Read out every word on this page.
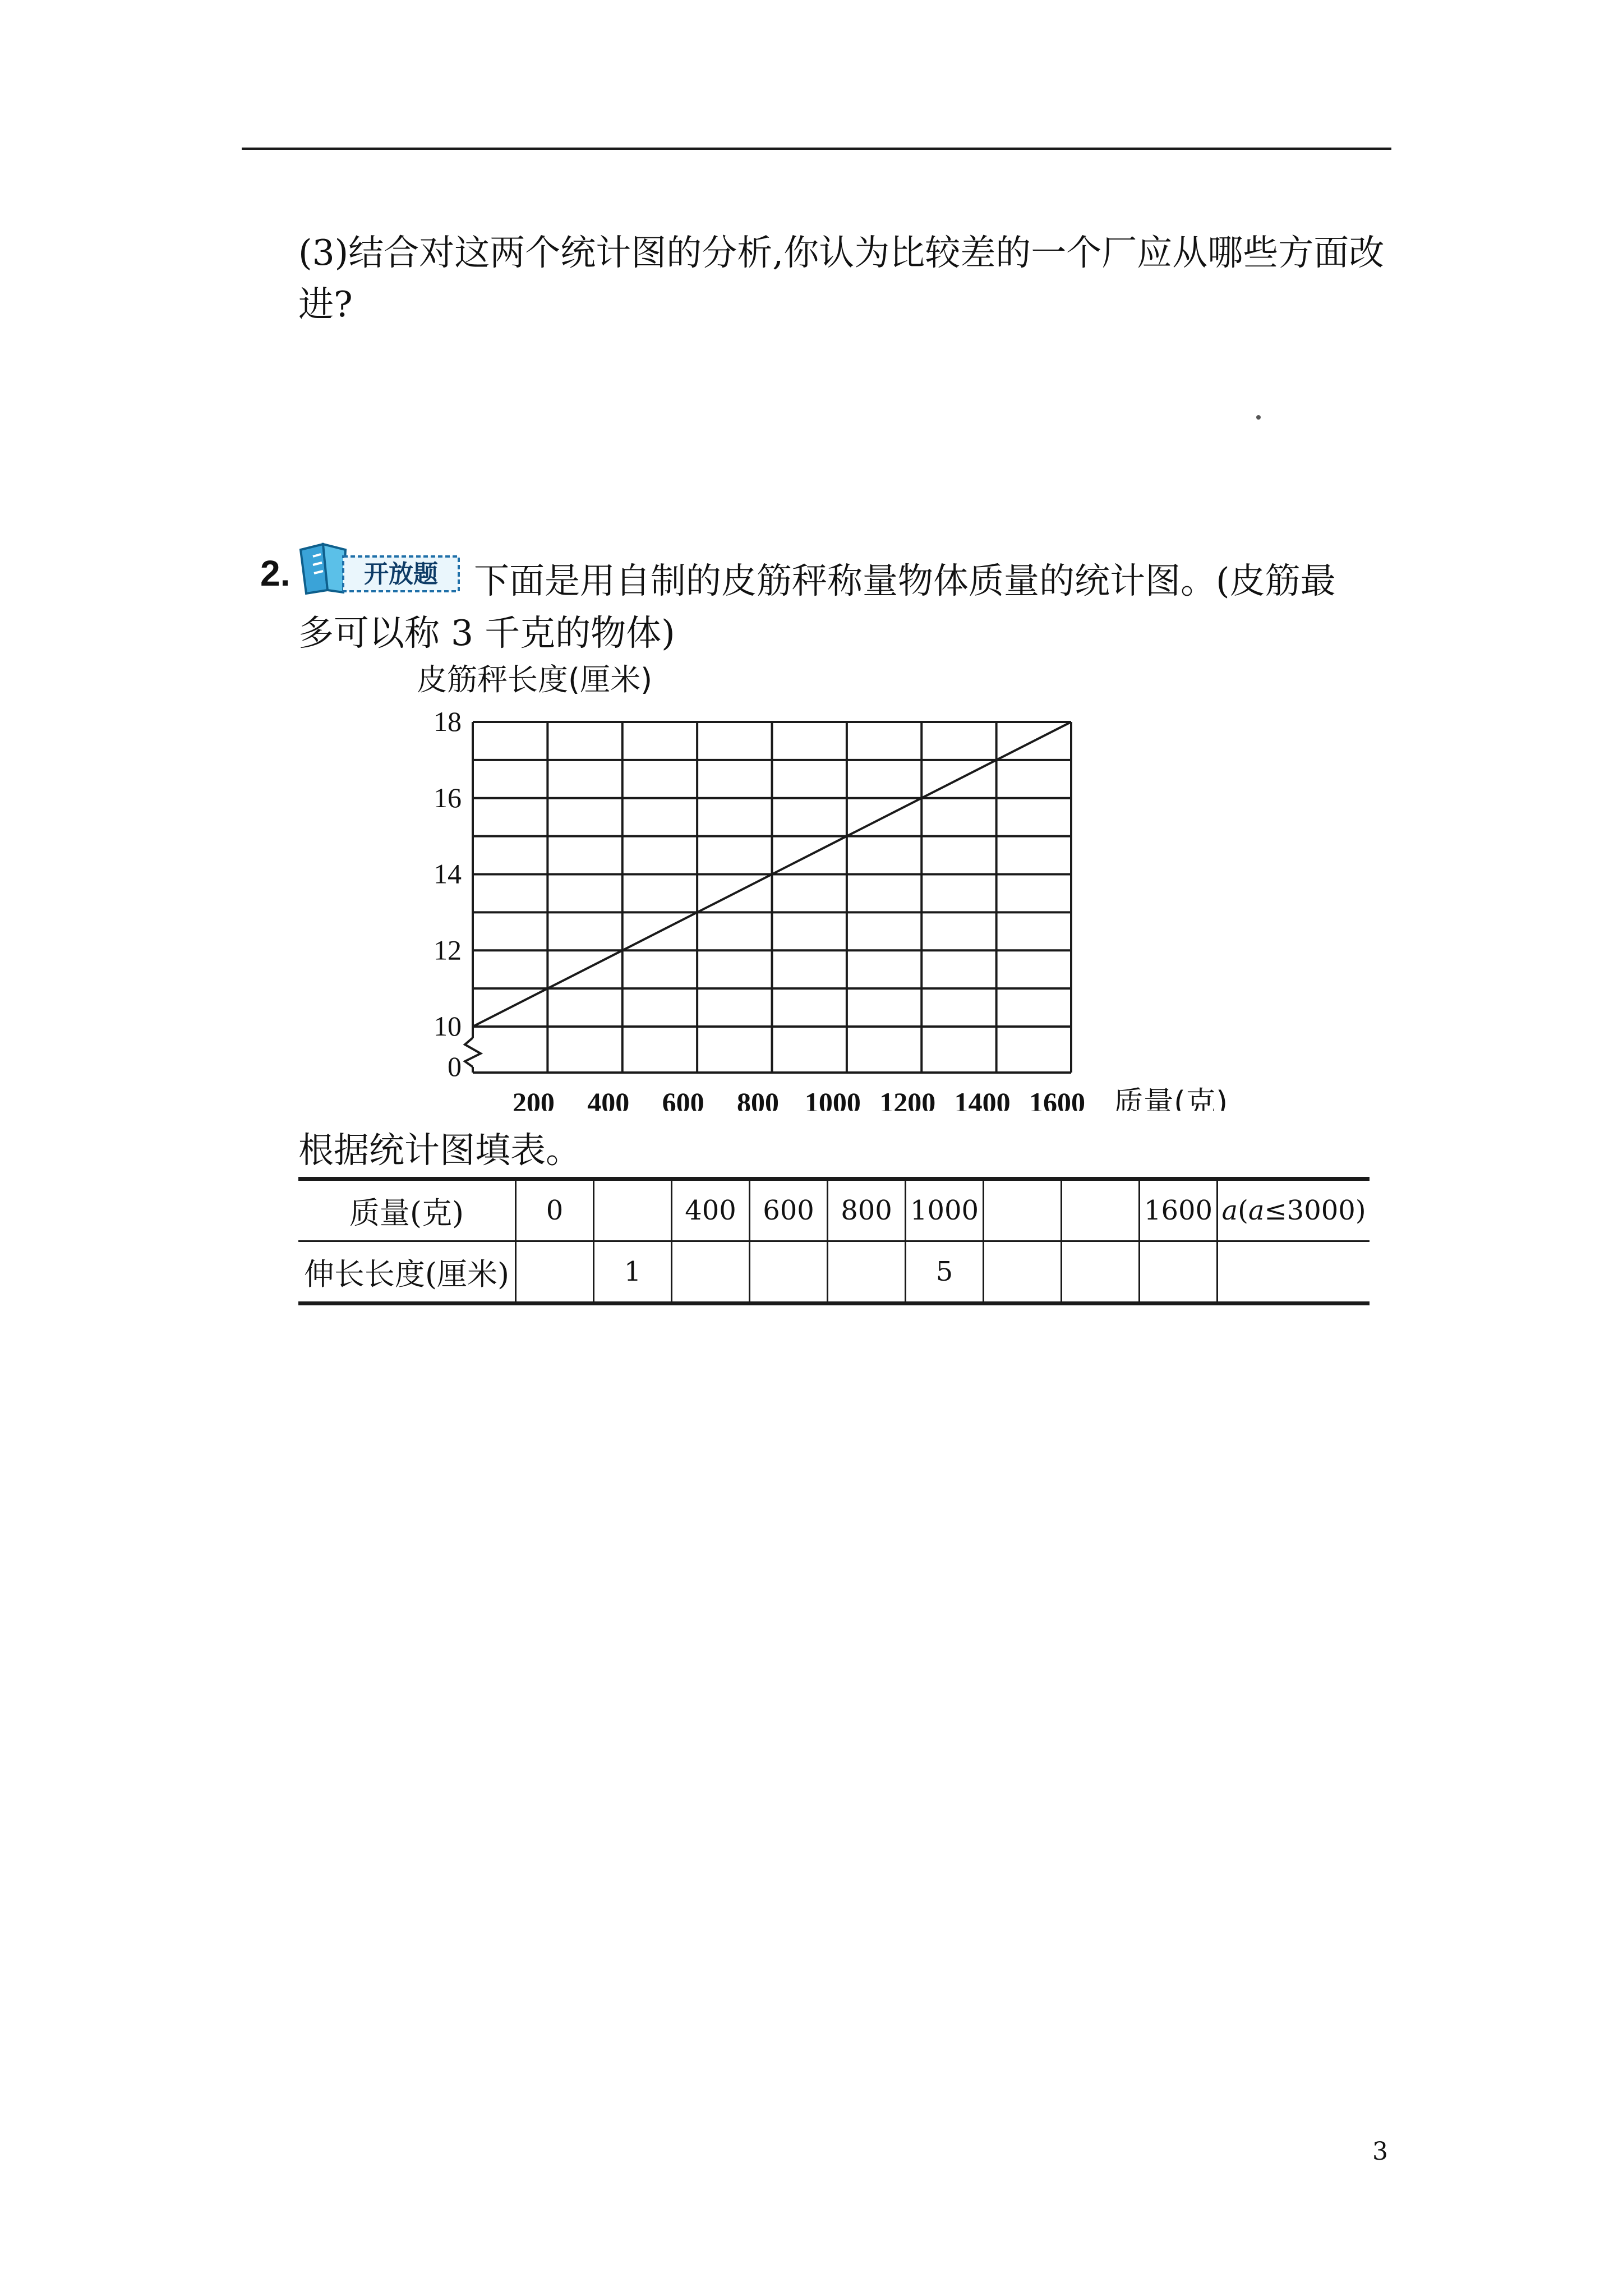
(3)结合对这两个统计图的分析,你认为比较差的一个厂应从哪些方面改进?
2.	开放题 下面是用自制的皮筋秤称量物体质量的统计图。(皮筋最
多可以称 3 千克的物体)
0
10
12
14
16
18
200 400 600 800 1000 1200 1400 1600
皮筋秤长度(厘米)
质量(克)
根据统计图填表。
质量(克)	0		400	600	800	1000			1600	a(a≤3000)
伸长长度(厘米)		1				5				
3
